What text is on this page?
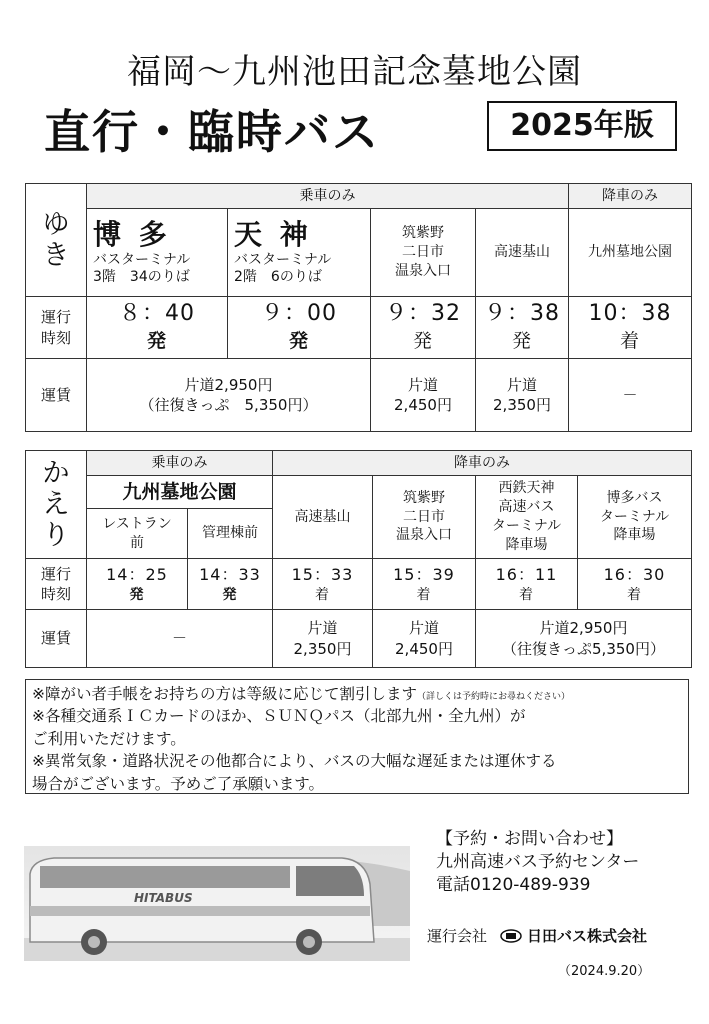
福岡～九州池田記念墓地公園
直行・臨時バス	2025年版
ゆ
き	乗車のみ				降車のみ

	博 多
バスターミナル
3階　34のりば	天 神
バスターミナル
2階　6のりば	筑紫野
二日市
温泉入口	高速基山	九州墓地公園
運行
時刻	８：40
発	９：00
発	９：32
発	９：38
発	10：38
着
運賃	片道2,950円
（往復きっぷ　5,350円）		片道
2,450円	片道
2,350円	－
か
え
り	乗車のみ		降車のみ			
	九州墓地公園		高速基山	筑紫野
二日市
温泉入口	西鉄天神
高速バス
ターミナル
降車場	博多バス
ターミナル
降車場
	レストラン
前	管理棟前				
運行
時刻	14：25
発	14：33
発	15：33
着	15：39
着	16：11
着	16：30
着
運賃	－		片道
2,350円	片道
2,450円	片道2,950円
（往復きっぷ5,350円）	
※障がい者手帳をお持ちの方は等級に応じて割引します（詳しくは予約時にお尋ねください）
※各種交通系ＩＣカードのほか、ＳＵＮＱパス（北部九州・全九州）が
ご利用いただけます。
※異常気象・道路状況その他都合により、バスの大幅な遅延または運休する
場合がございます。予めご了承願います。
HITABUS
【予約・お問い合わせ】
九州高速バス予約センター
電話0120-489-939
運行会社	日田バス株式会社
（2024.9.20）
